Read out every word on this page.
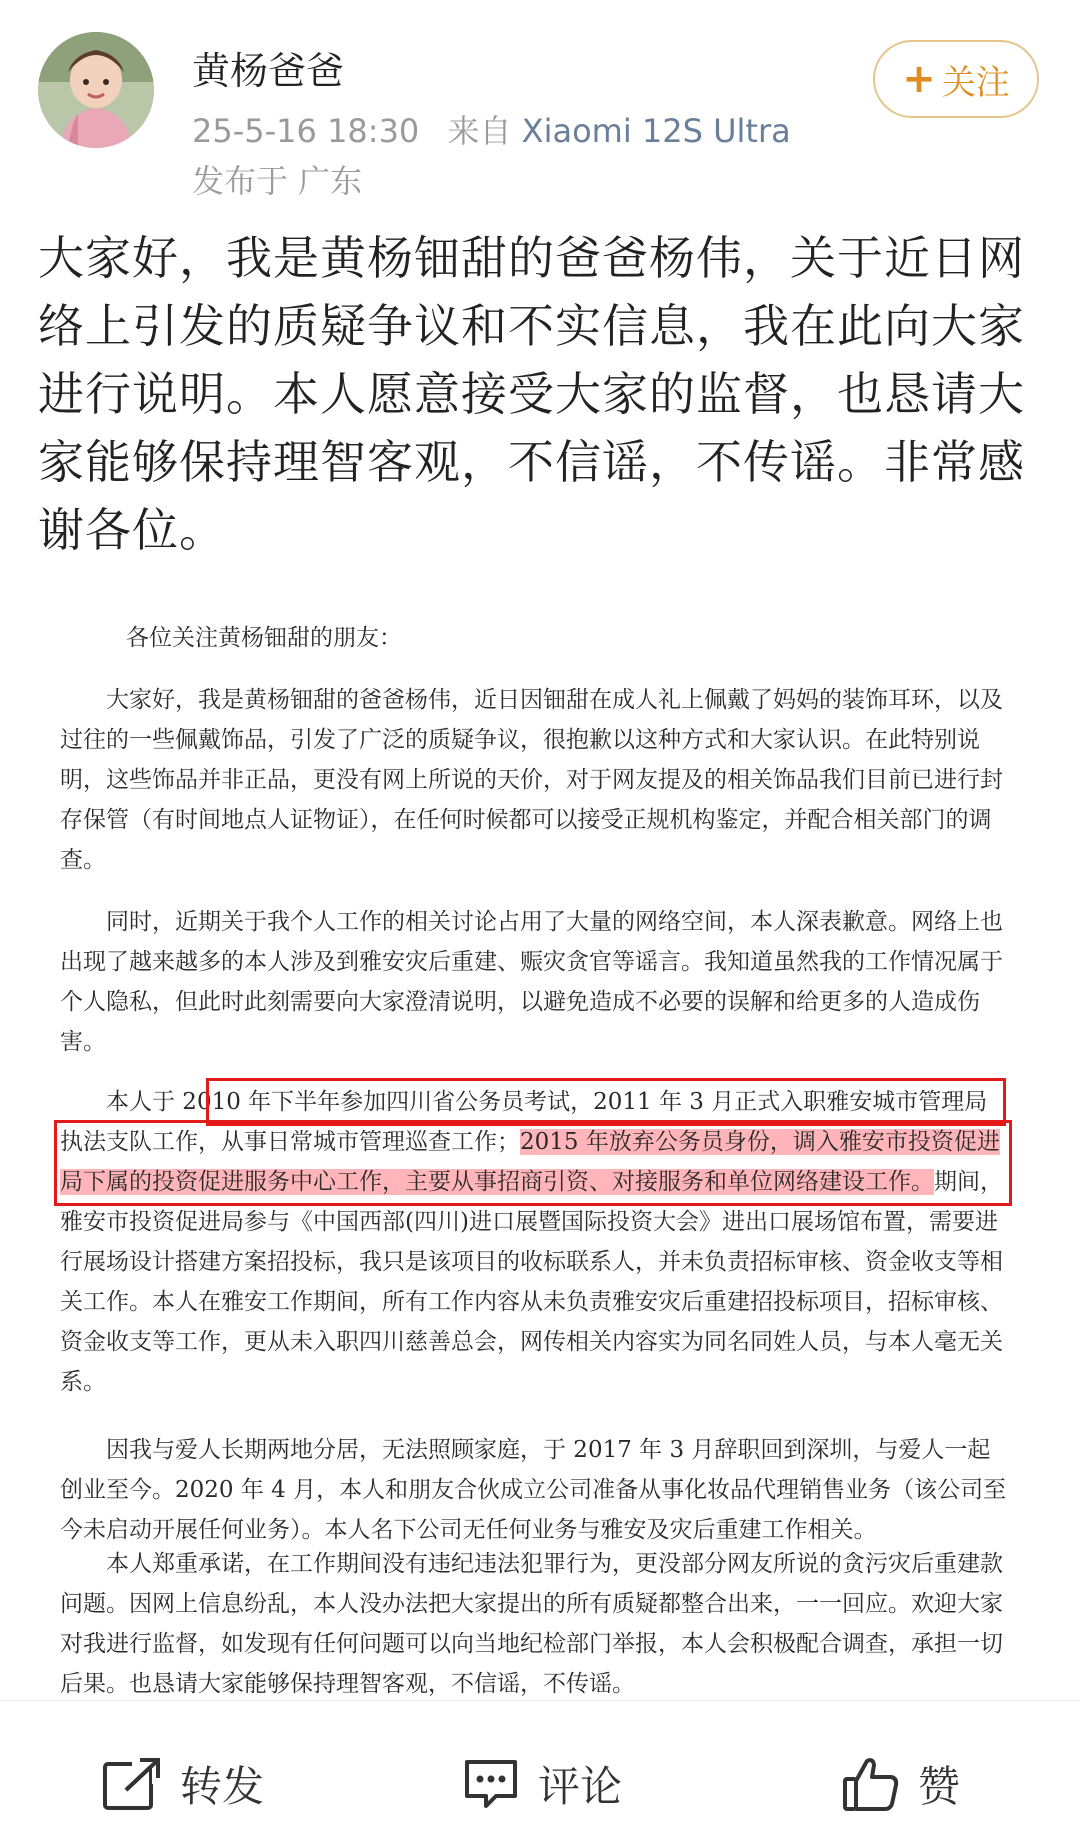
黄杨爸爸
25-5-16 18:30 来自 Xiaomi 12S Ultra
发布于 广东
+ 关注
大家好，我是黄杨钿甜的爸爸杨伟，关于近日网络上引发的质疑争议和不实信息，我在此向大家进行说明。本人愿意接受大家的监督，也恳请大家能够保持理智客观，不信谣，不传谣。非常感谢各位。
各位关注黄杨钿甜的朋友：

大家好，我是黄杨钿甜的爸爸杨伟，近日因钿甜在成人礼上佩戴了妈妈的装饰耳环，以及过往的一些佩戴饰品，引发了广泛的质疑争议，很抱歉以这种方式和大家认识。在此特别说明，这些饰品并非正品，更没有网上所说的天价，对于网友提及的相关饰品我们目前已进行封存保管（有时间地点人证物证），在任何时候都可以接受正规机构鉴定，并配合相关部门的调查。

同时，近期关于我个人工作的相关讨论占用了大量的网络空间，本人深表歉意。网络上也出现了越来越多的本人涉及到雅安灾后重建、赈灾贪官等谣言。我知道虽然我的工作情况属于个人隐私，但此时此刻需要向大家澄清说明，以避免造成不必要的误解和给更多的人造成伤害。

本人于 2010 年下半年参加四川省公务员考试，2011 年 3 月正式入职雅安城市管理局执法支队工作，从事日常城市管理巡查工作；2015 年放弃公务员身份，调入雅安市投资促进局下属的投资促进服务中心工作，主要从事招商引资、对接服务和单位网络建设工作。期间，雅安市投资促进局参与《中国西部(四川)进口展暨国际投资大会》进出口展场馆布置，需要进行展场设计搭建方案招投标，我只是该项目的收标联系人，并未负责招标审核、资金收支等相关工作。本人在雅安工作期间，所有工作内容从未负责雅安灾后重建招投标项目，招标审核、资金收支等工作，更从未入职四川慈善总会，网传相关内容实为同名同姓人员，与本人毫无关系。

因我与爱人长期两地分居，无法照顾家庭，于 2017 年 3 月辞职回到深圳，与爱人一起创业至今。2020 年 4 月，本人和朋友合伙成立公司准备从事化妆品代理销售业务（该公司至今未启动开展任何业务）。本人名下公司无任何业务与雅安及灾后重建工作相关。

本人郑重承诺，在工作期间没有违纪违法犯罪行为，更没部分网友所说的贪污灾后重建款问题。因网上信息纷乱，本人没办法把大家提出的所有质疑都整合出来，一一回应。欢迎大家对我进行监督，如发现有任何问题可以向当地纪检部门举报，本人会积极配合调查，承担一切后果。也恳请大家能够保持理智客观，不信谣，不传谣。

转发	评论	赞
